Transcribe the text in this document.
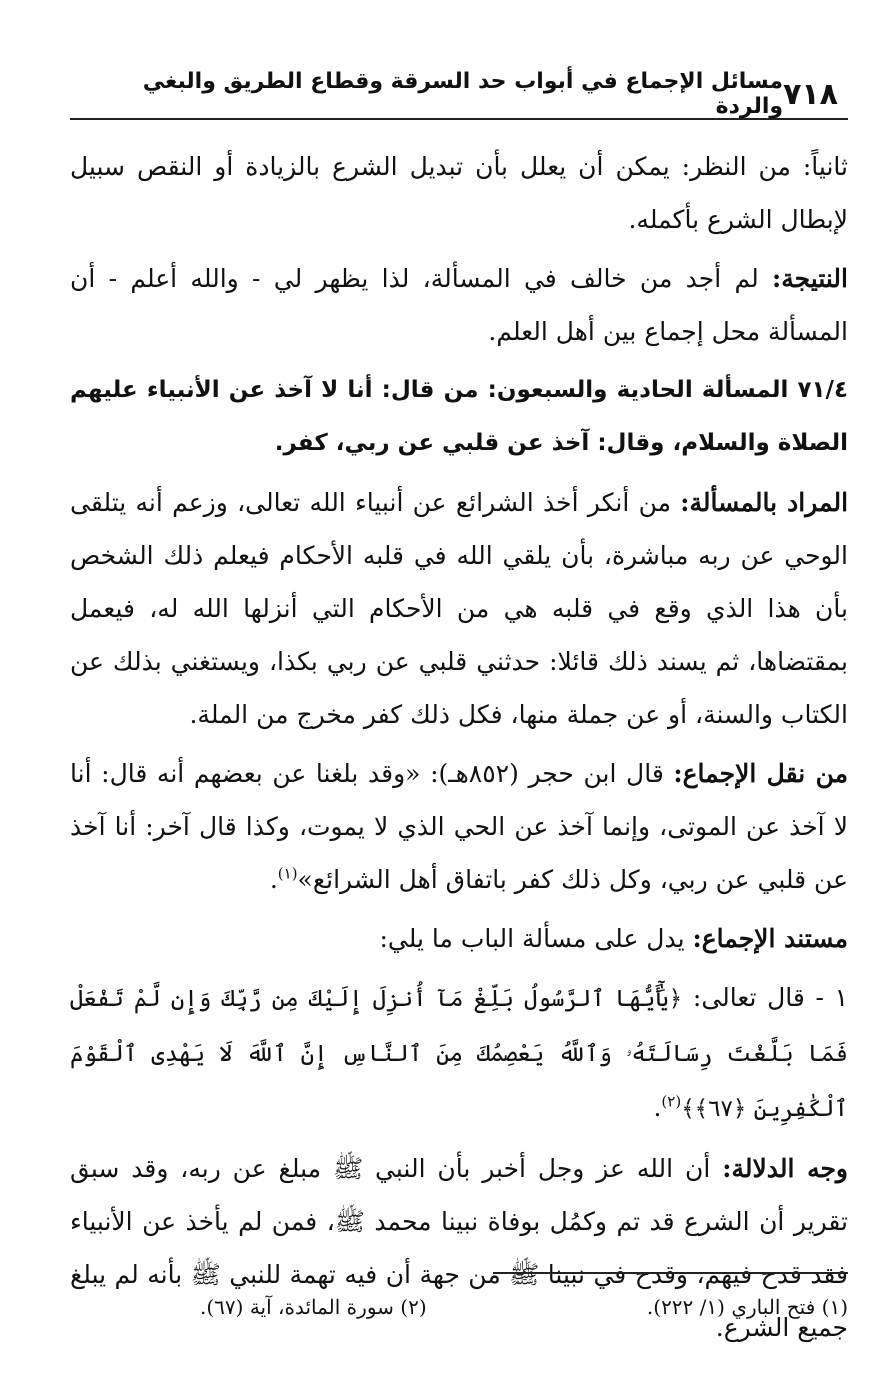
٧١٨
مسائل الإجماع في أبواب حد السرقة وقطاع الطريق والبغي والردة

ثانياً: من النظر: يمكن أن يعلل بأن تبديل الشرع بالزيادة أو النقص سبيل لإبطال الشرع بأكمله.

النتيجة: لم أجد من خالف في المسألة، لذا يظهر لي - والله أعلم - أن المسألة محل إجماع بين أهل العلم.

٧١/٤ المسألة الحادية والسبعون: من قال: أنا لا آخذ عن الأنبياء عليهم الصلاة والسلام، وقال: آخذ عن قلبي عن ربي، كفر.

المراد بالمسألة: من أنكر أخذ الشرائع عن أنبياء الله تعالى، وزعم أنه يتلقى الوحي عن ربه مباشرة، بأن يلقي الله في قلبه الأحكام فيعلم ذلك الشخص بأن هذا الذي وقع في قلبه هي من الأحكام التي أنزلها الله له، فيعمل بمقتضاها، ثم يسند ذلك قائلا: حدثني قلبي عن ربي بكذا، ويستغني بذلك عن الكتاب والسنة، أو عن جملة منها، فكل ذلك كفر مخرج من الملة.

من نقل الإجماع: قال ابن حجر (٨٥٢هـ): «وقد بلغنا عن بعضهم أنه قال: أنا لا آخذ عن الموتى، وإنما آخذ عن الحي الذي لا يموت، وكذا قال آخر: أنا آخذ عن قلبي عن ربي، وكل ذلك كفر باتفاق أهل الشرائع»$^{(١)}$.

مستند الإجماع: يدل على مسألة الباب ما يلي:

١ - قال تعالى: ﴿يَٰٓأَيُّهَا ٱلرَّسُولُ بَلِّغْ مَآ أُنزِلَ إِلَيْكَ مِن رَّبِّكَ وَإِن لَّمْ تَفْعَلْ فَمَا بَلَّغْتَ رِسَالَتَهُۥ وَٱللَّهُ يَعْصِمُكَ مِنَ ٱلنَّاسِ إِنَّ ٱللَّهَ لَا يَهْدِى ٱلْقَوْمَ ٱلْكَٰفِرِينَ ﴿٦٧﴾﴾$^{(٢)}$.

وجه الدلالة: أن الله عز وجل أخبر بأن النبي ﷺ مبلغ عن ربه، وقد سبق تقرير أن الشرع قد تم وكمُل بوفاة نبينا محمد ﷺ، فمن لم يأخذ عن الأنبياء فقد قدح فيهم، وقدح في نبينا ﷺ من جهة أن فيه تهمة للنبي ﷺ بأنه لم يبلغ جميع الشرع.

(١) فتح الباري (١/ ٢٢٢).
(٢) سورة المائدة، آية (٦٧).
